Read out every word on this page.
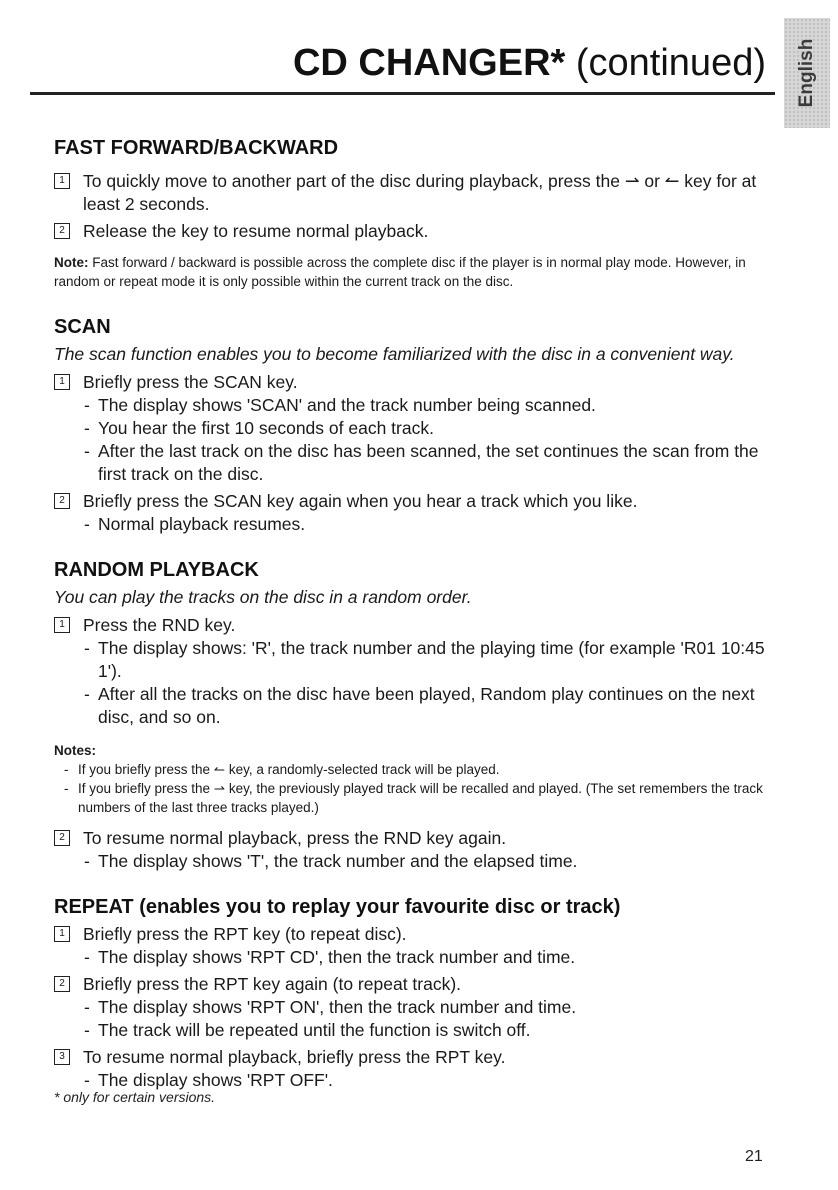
English
CD CHANGER* (continued)
FAST FORWARD/BACKWARD

1 To quickly move to another part of the disc during playback, press the ⇀ or ↼ key for at least 2 seconds.

2 Release the key to resume normal playback.

Note: Fast forward / backward is possible across the complete disc if the player is in normal play mode. However, in random or repeat mode it is only possible within the current track on the disc.

SCAN

The scan function enables you to become familiarized with the disc in a convenient way.

1 Briefly press the SCAN key.

- The display shows 'SCAN' and the track number being scanned.

- You hear the first 10 seconds of each track.

- After the last track on the disc has been scanned, the set continues the scan from the first track on the disc.

2 Briefly press the SCAN key again when you hear a track which you like.

- Normal playback resumes.

RANDOM PLAYBACK

You can play the tracks on the disc in a random order.

1 Press the RND key.

- The display shows: 'R', the track number and the playing time (for example 'R01 10:45 1').

- After all the tracks on the disc have been played, Random play continues on the next disc, and so on.

Notes:

- If you briefly press the ↼ key, a randomly-selected track will be played.

- If you briefly press the ⇀ key, the previously played track will be recalled and played. (The set remembers the track numbers of the last three tracks played.)

2 To resume normal playback, press the RND key again.

- The display shows 'T', the track number and the elapsed time.

REPEAT (enables you to replay your favourite disc or track)

1 Briefly press the RPT key (to repeat disc).

- The display shows 'RPT CD', then the track number and time.

2 Briefly press the RPT key again (to repeat track).

- The display shows 'RPT ON', then the track number and time.

- The track will be repeated until the function is switch off.

3 To resume normal playback, briefly press the RPT key.

- The display shows 'RPT OFF'.

* only for certain versions.
21
